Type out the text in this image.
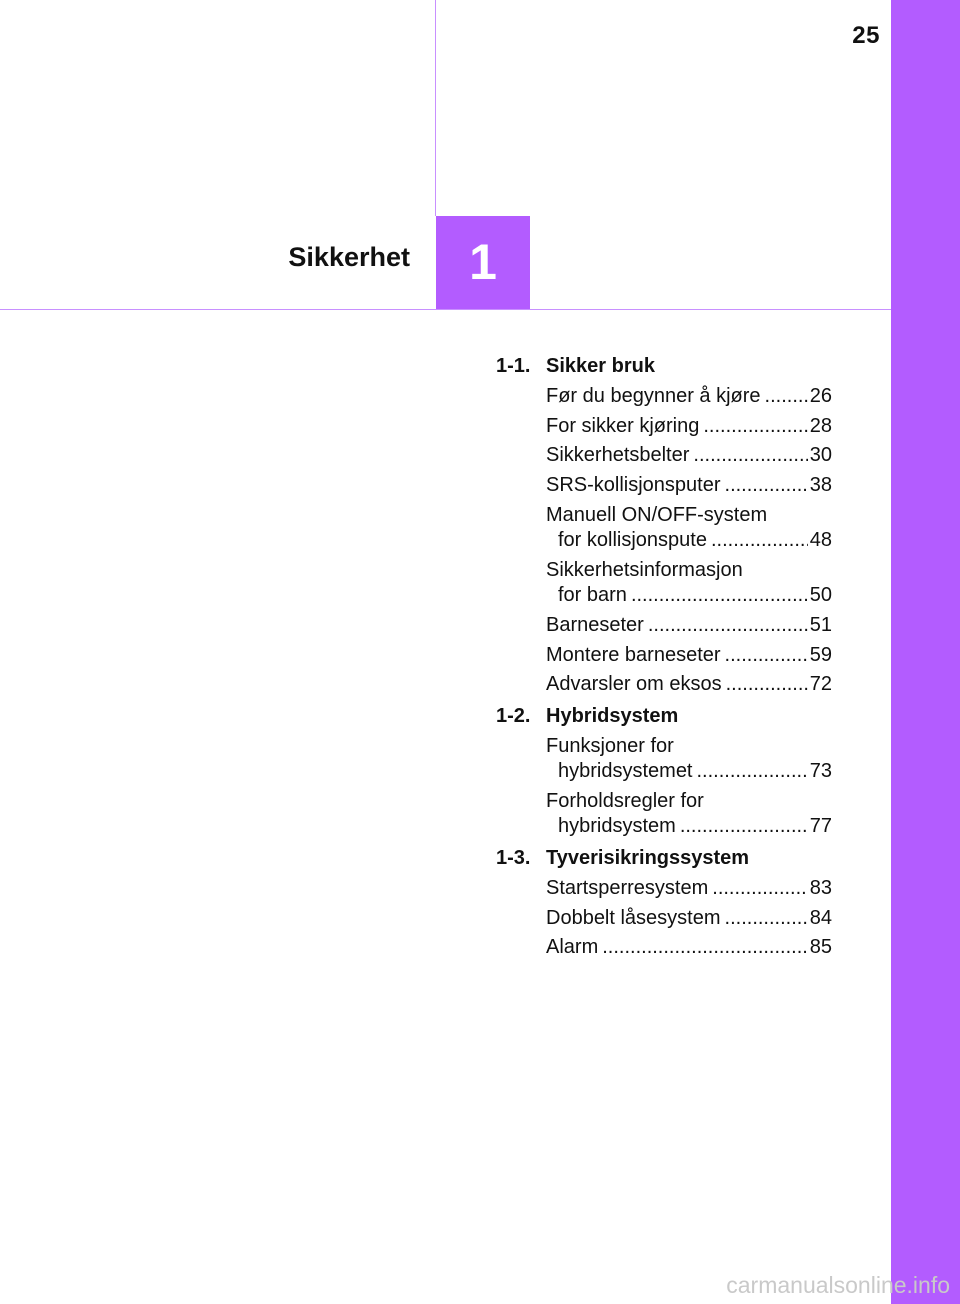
25
1
Sikkerhet
1-1. Sikker bruk
Før du begynner å kjøre ..... 26
For sikker kjøring .....	28
Sikkerhetsbelter .....	30
SRS-kollisjonsputer .....	38
Manuell ON/OFF-system
for kollisjonspute .....	48
Sikkerhetsinformasjon
for barn .....	50
Barneseter .....	51
Montere barneseter .....	59
Advarsler om eksos .....	72
1-2. Hybridsystem
Funksjoner for
hybridsystemet .....	73
Forholdsregler for
hybridsystem .....	77
1-3. Tyverisikringssystem
Startsperresystem .....	83
Dobbelt låsesystem .....	84
Alarm .....	85
carmanualsonline.info
